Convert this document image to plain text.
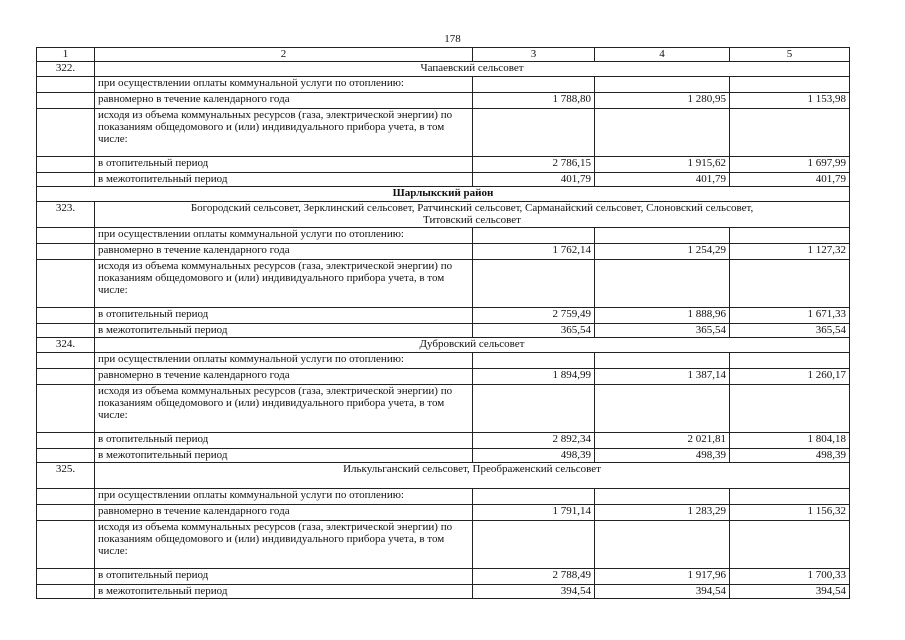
178
1	2	3	4	5
322.	Чапаевский сельсовет			
	при осуществлении оплаты коммунальной услуги по отоплению:			
	равномерно в течение календарного года	1 788,80	1 280,95	1 153,98
	исходя из объема коммунальных ресурсов (газа, электрической энергии) по показаниям общедомового и (или) индивидуального прибора учета, в том числе:			
	в отопительный период	2 786,15	1 915,62	1 697,99
	в межотопительный период	401,79	401,79	401,79
Шарлыкский район				
323.	Богородский сельсовет, Зерклинский сельсовет, Ратчинский сельсовет, Сарманайский сельсовет, Слоновский сельсовет, Титовский сельсовет			
	при осуществлении оплаты коммунальной услуги по отоплению:			
	равномерно в течение календарного года	1 762,14	1 254,29	1 127,32
	исходя из объема коммунальных ресурсов (газа, электрической энергии) по показаниям общедомового и (или) индивидуального прибора учета, в том числе:			
	в отопительный период	2 759,49	1 888,96	1 671,33
	в межотопительный период	365,54	365,54	365,54
324.	Дубровский сельсовет			
	при осуществлении оплаты коммунальной услуги по отоплению:			
	равномерно в течение календарного года	1 894,99	1 387,14	1 260,17
	исходя из объема коммунальных ресурсов (газа, электрической энергии) по показаниям общедомового и (или) индивидуального прибора учета, в том числе:			
	в отопительный период	2 892,34	2 021,81	1 804,18
	в межотопительный период	498,39	498,39	498,39
325.	Илькульганский сельсовет, Преображенский сельсовет			
	при осуществлении оплаты коммунальной услуги по отоплению:			
	равномерно в течение календарного года	1 791,14	1 283,29	1 156,32
	исходя из объема коммунальных ресурсов (газа, электрической энергии) по показаниям общедомового и (или) индивидуального прибора учета, в том числе:			
	в отопительный период	2 788,49	1 917,96	1 700,33
	в межотопительный период	394,54	394,54	394,54
